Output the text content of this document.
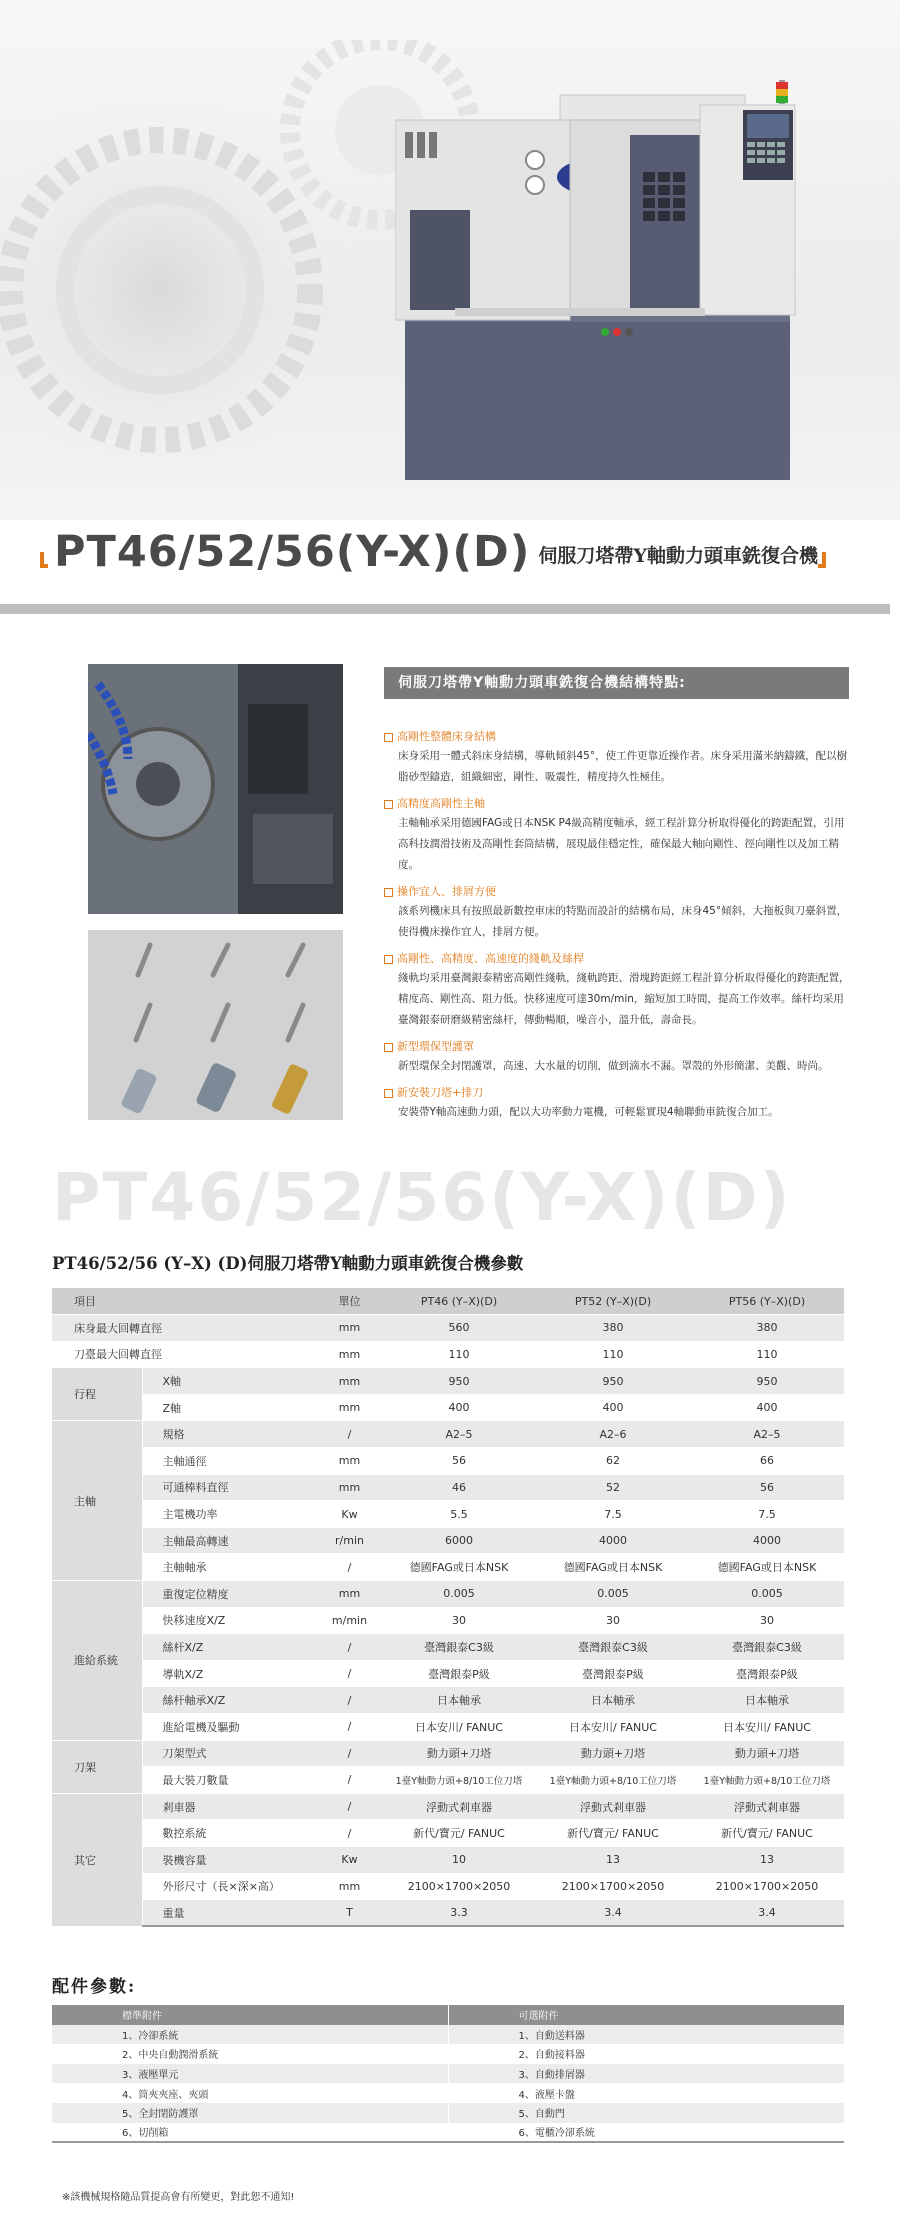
PT46/52/56(Y-X)(D) 伺服刀塔帶Y軸動力頭車銑復合機
伺服刀塔帶Y軸動力頭車銑復合機結構特點:
高剛性整體床身結構
床身采用一體式斜床身結構，導軌傾斜45°，使工件更靠近操作者。床身采用滿米納鑄鐵，配以樹脂砂型鑄造，組織細密，剛性、吸震性，精度持久性極佳。
高精度高剛性主軸
主軸軸承采用德國FAG或日本NSK P4級高精度軸承，經工程計算分析取得優化的跨距配置，引用高科技潤滑技術及高剛性套筒結構，展現最佳穩定性，確保最大軸向剛性、徑向剛性以及加工精度。
操作宜人、排屑方便
該系列機床具有按照最新數控車床的特點而設計的結構布局，床身45°傾斜，大拖板與刀臺斜置，使得機床操作宜人，排屑方便。
高剛性、高精度、高速度的綫軌及絲桿
綫軌均采用臺灣銀泰精密高剛性綫軌，綫軌跨距、滑塊跨距經工程計算分析取得優化的跨距配置，精度高、剛性高、阻力低。快移速度可達30m/min，縮短加工時間，提高工作效率。絲杆均采用臺灣銀泰研磨級精密絲杆，傳動暢順，噪音小，溫升低，壽命長。
新型環保型護罩
新型環保全封閉護罩，高速、大水量的切削，做到滴水不漏。罩殼的外形簡潔、美觀、時尚。
新安裝刀塔+排刀
安裝帶Y軸高速動力頭，配以大功率動力電機，可輕鬆實現4軸聯動車銑復合加工。
PT46/52/56(Y-X)(D)
PT46/52/56 (Y–X) (D)伺服刀塔帶Y軸動力頭車銑復合機參數
項目		單位	PT46 (Y–X)(D)	PT52 (Y–X)(D)	PT56 (Y–X)(D)
床身最大回轉直徑		mm	560	380	380
刀臺最大回轉直徑		mm	110	110	110
行程	X軸	mm	950	950	950
	Z軸	mm	400	400	400
主軸	規格	/	A2–5	A2–6	A2–5
	主軸通徑	mm	56	62	66
	可通棒料直徑	mm	46	52	56
	主電機功率	Kw	5.5	7.5	7.5
	主軸最高轉速	r/min	6000	4000	4000
	主軸軸承	/	德國FAG或日本NSK	德國FAG或日本NSK	德國FAG或日本NSK
進給系統	重復定位精度	mm	0.005	0.005	0.005
	快移速度X/Z	m/min	30	30	30
	絲杆X/Z	/	臺灣銀泰C3級	臺灣銀泰C3級	臺灣銀泰C3級
	導軌X/Z	/	臺灣銀泰P級	臺灣銀泰P級	臺灣銀泰P級
	絲杆軸承X/Z	/	日本軸承	日本軸承	日本軸承
	進給電機及驅動	/	日本安川/ FANUC	日本安川/ FANUC	日本安川/ FANUC
刀架	刀架型式	/	動力頭+刀塔	動力頭+刀塔	動力頭+刀塔
	最大裝刀數量	/	1臺Y軸動力頭+8/10工位刀塔	1臺Y軸動力頭+8/10工位刀塔	1臺Y軸動力頭+8/10工位刀塔
其它	剎車器	/	浮動式剎車器	浮動式剎車器	浮動式剎車器
	數控系統	/	新代/寶元/ FANUC	新代/寶元/ FANUC	新代/寶元/ FANUC
	裝機容量	Kw	10	13	13
	外形尺寸（長×深×高）	mm	2100×1700×2050	2100×1700×2050	2100×1700×2050
	重量	T	3.3	3.4	3.4
配件參數:
標準附件	可選附件
1、冷卻系統	1、自動送料器
2、中央自動潤滑系統	2、自動接料器
3、液壓單元	3、自動排屑器
4、筒夾夾座、夾頭	4、液壓卡盤
5、全封閉防護罩	5、自動門
6、切削箱	6、電櫃冷卻系統
※該機械規格隨品質提高會有所變更，對此恕不通知!
